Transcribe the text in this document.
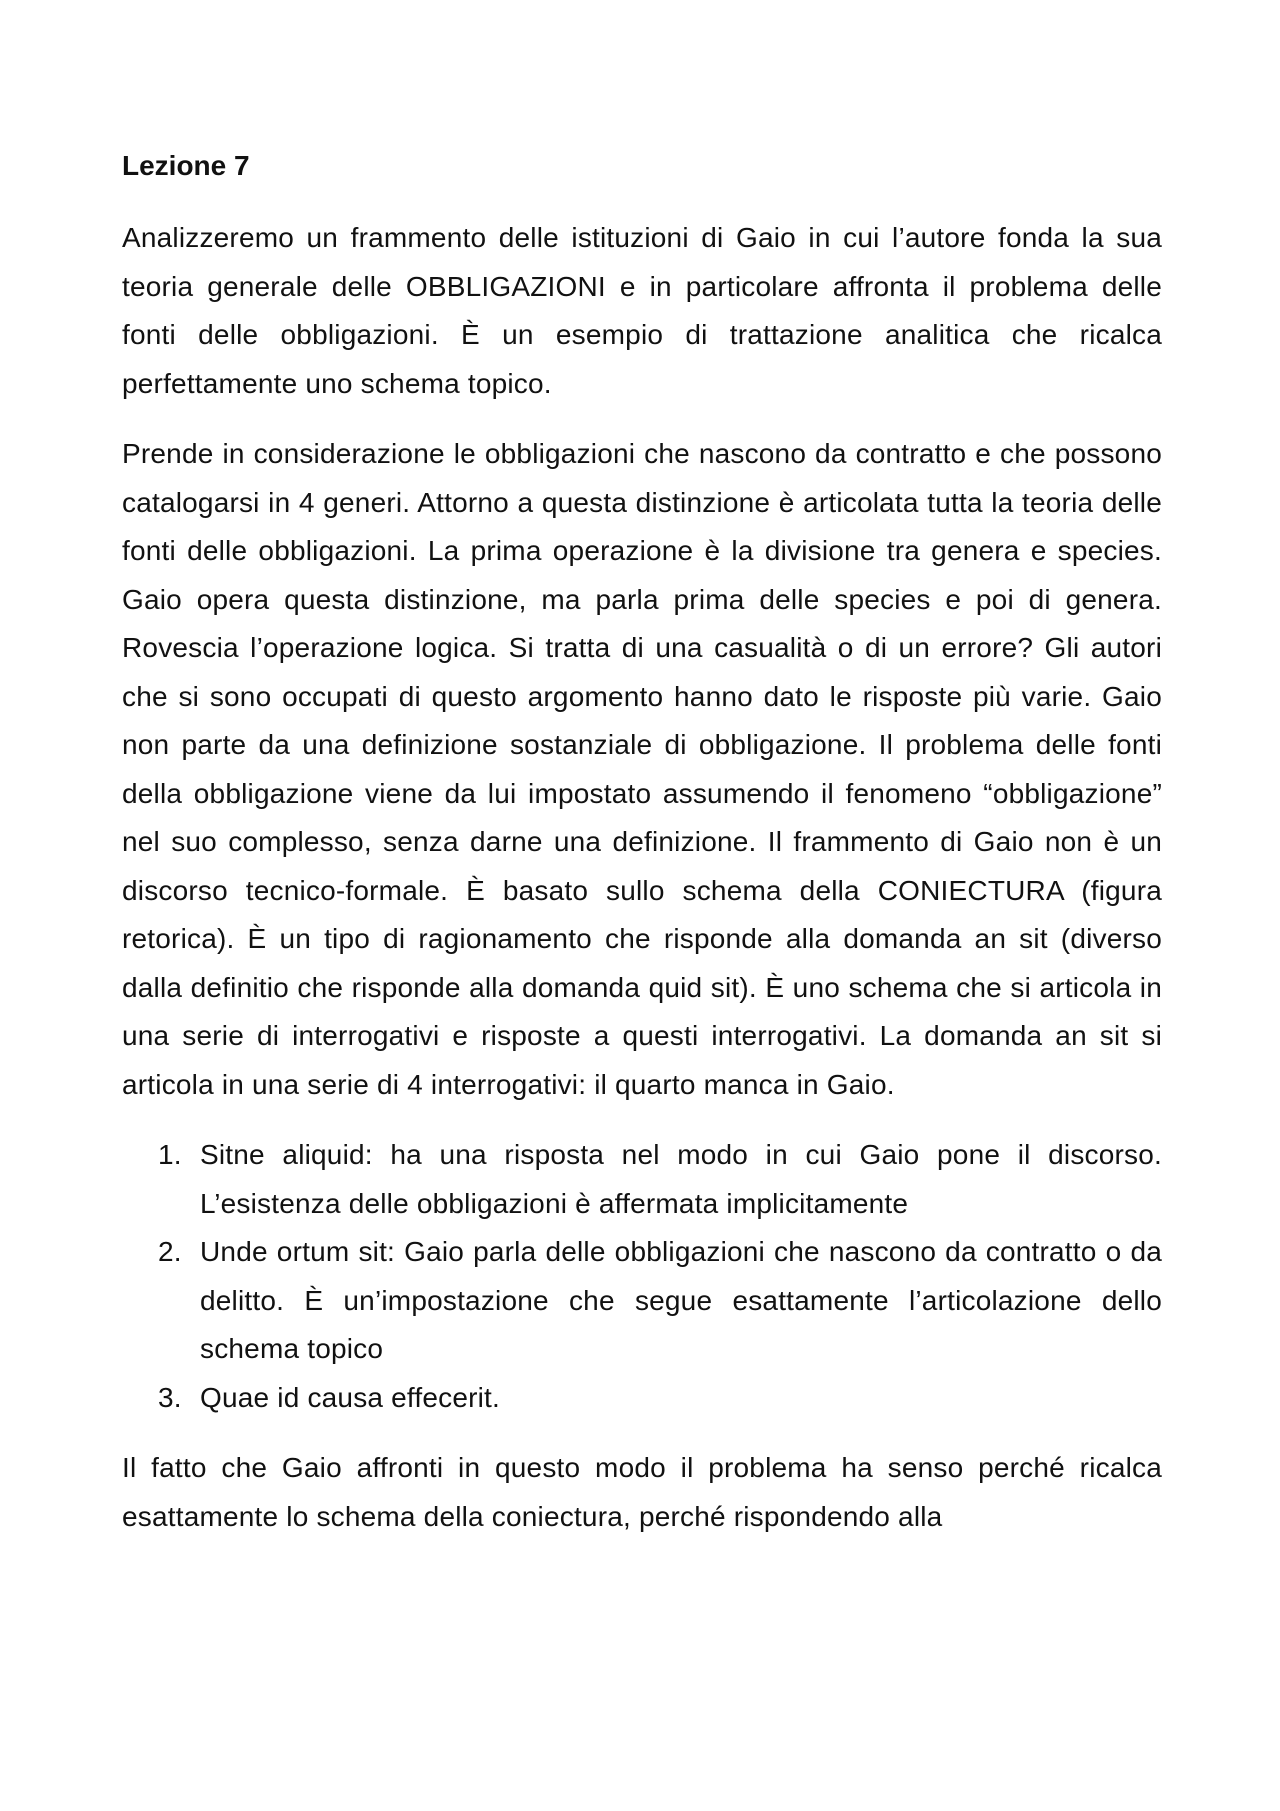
Lezione 7

Analizzeremo un frammento delle istituzioni di Gaio in cui l’autore fonda la sua teoria generale delle OBBLIGAZIONI e in particolare affronta il problema delle fonti delle obbligazioni. È un esempio di trattazione analitica che ricalca perfettamente uno schema topico.

Prende in considerazione le obbligazioni che nascono da contratto e che possono catalogarsi in 4 generi. Attorno a questa distinzione è articolata tutta la teoria delle fonti delle obbligazioni. La prima operazione è la divisione tra genera e species. Gaio opera questa distinzione, ma parla prima delle species e poi di genera. Rovescia l’operazione logica. Si tratta di una casualità o di un errore? Gli autori che si sono occupati di questo argomento hanno dato le risposte più varie. Gaio non parte da una definizione sostanziale di obbligazione. Il problema delle fonti della obbligazione viene da lui impostato assumendo il fenomeno “obbligazione” nel suo complesso, senza darne una definizione. Il frammento di Gaio non è un discorso tecnico-formale. È basato sullo schema della CONIECTURA (figura retorica). È un tipo di ragionamento che risponde alla domanda an sit (diverso dalla definitio che risponde alla domanda quid sit). È uno schema che si articola in una serie di interrogativi e risposte a questi interrogativi. La domanda an sit si articola in una serie di 4 interrogativi: il quarto manca in Gaio.

1. Sitne aliquid: ha una risposta nel modo in cui Gaio pone il discorso. L’esistenza delle obbligazioni è affermata implicitamente
2. Unde ortum sit: Gaio parla delle obbligazioni che nascono da contratto o da delitto. È un’impostazione che segue esattamente l’articolazione dello schema topico
3. Quae id causa effecerit.

Il fatto che Gaio affronti in questo modo il problema ha senso perché ricalca esattamente lo schema della coniectura, perché rispondendo alla
